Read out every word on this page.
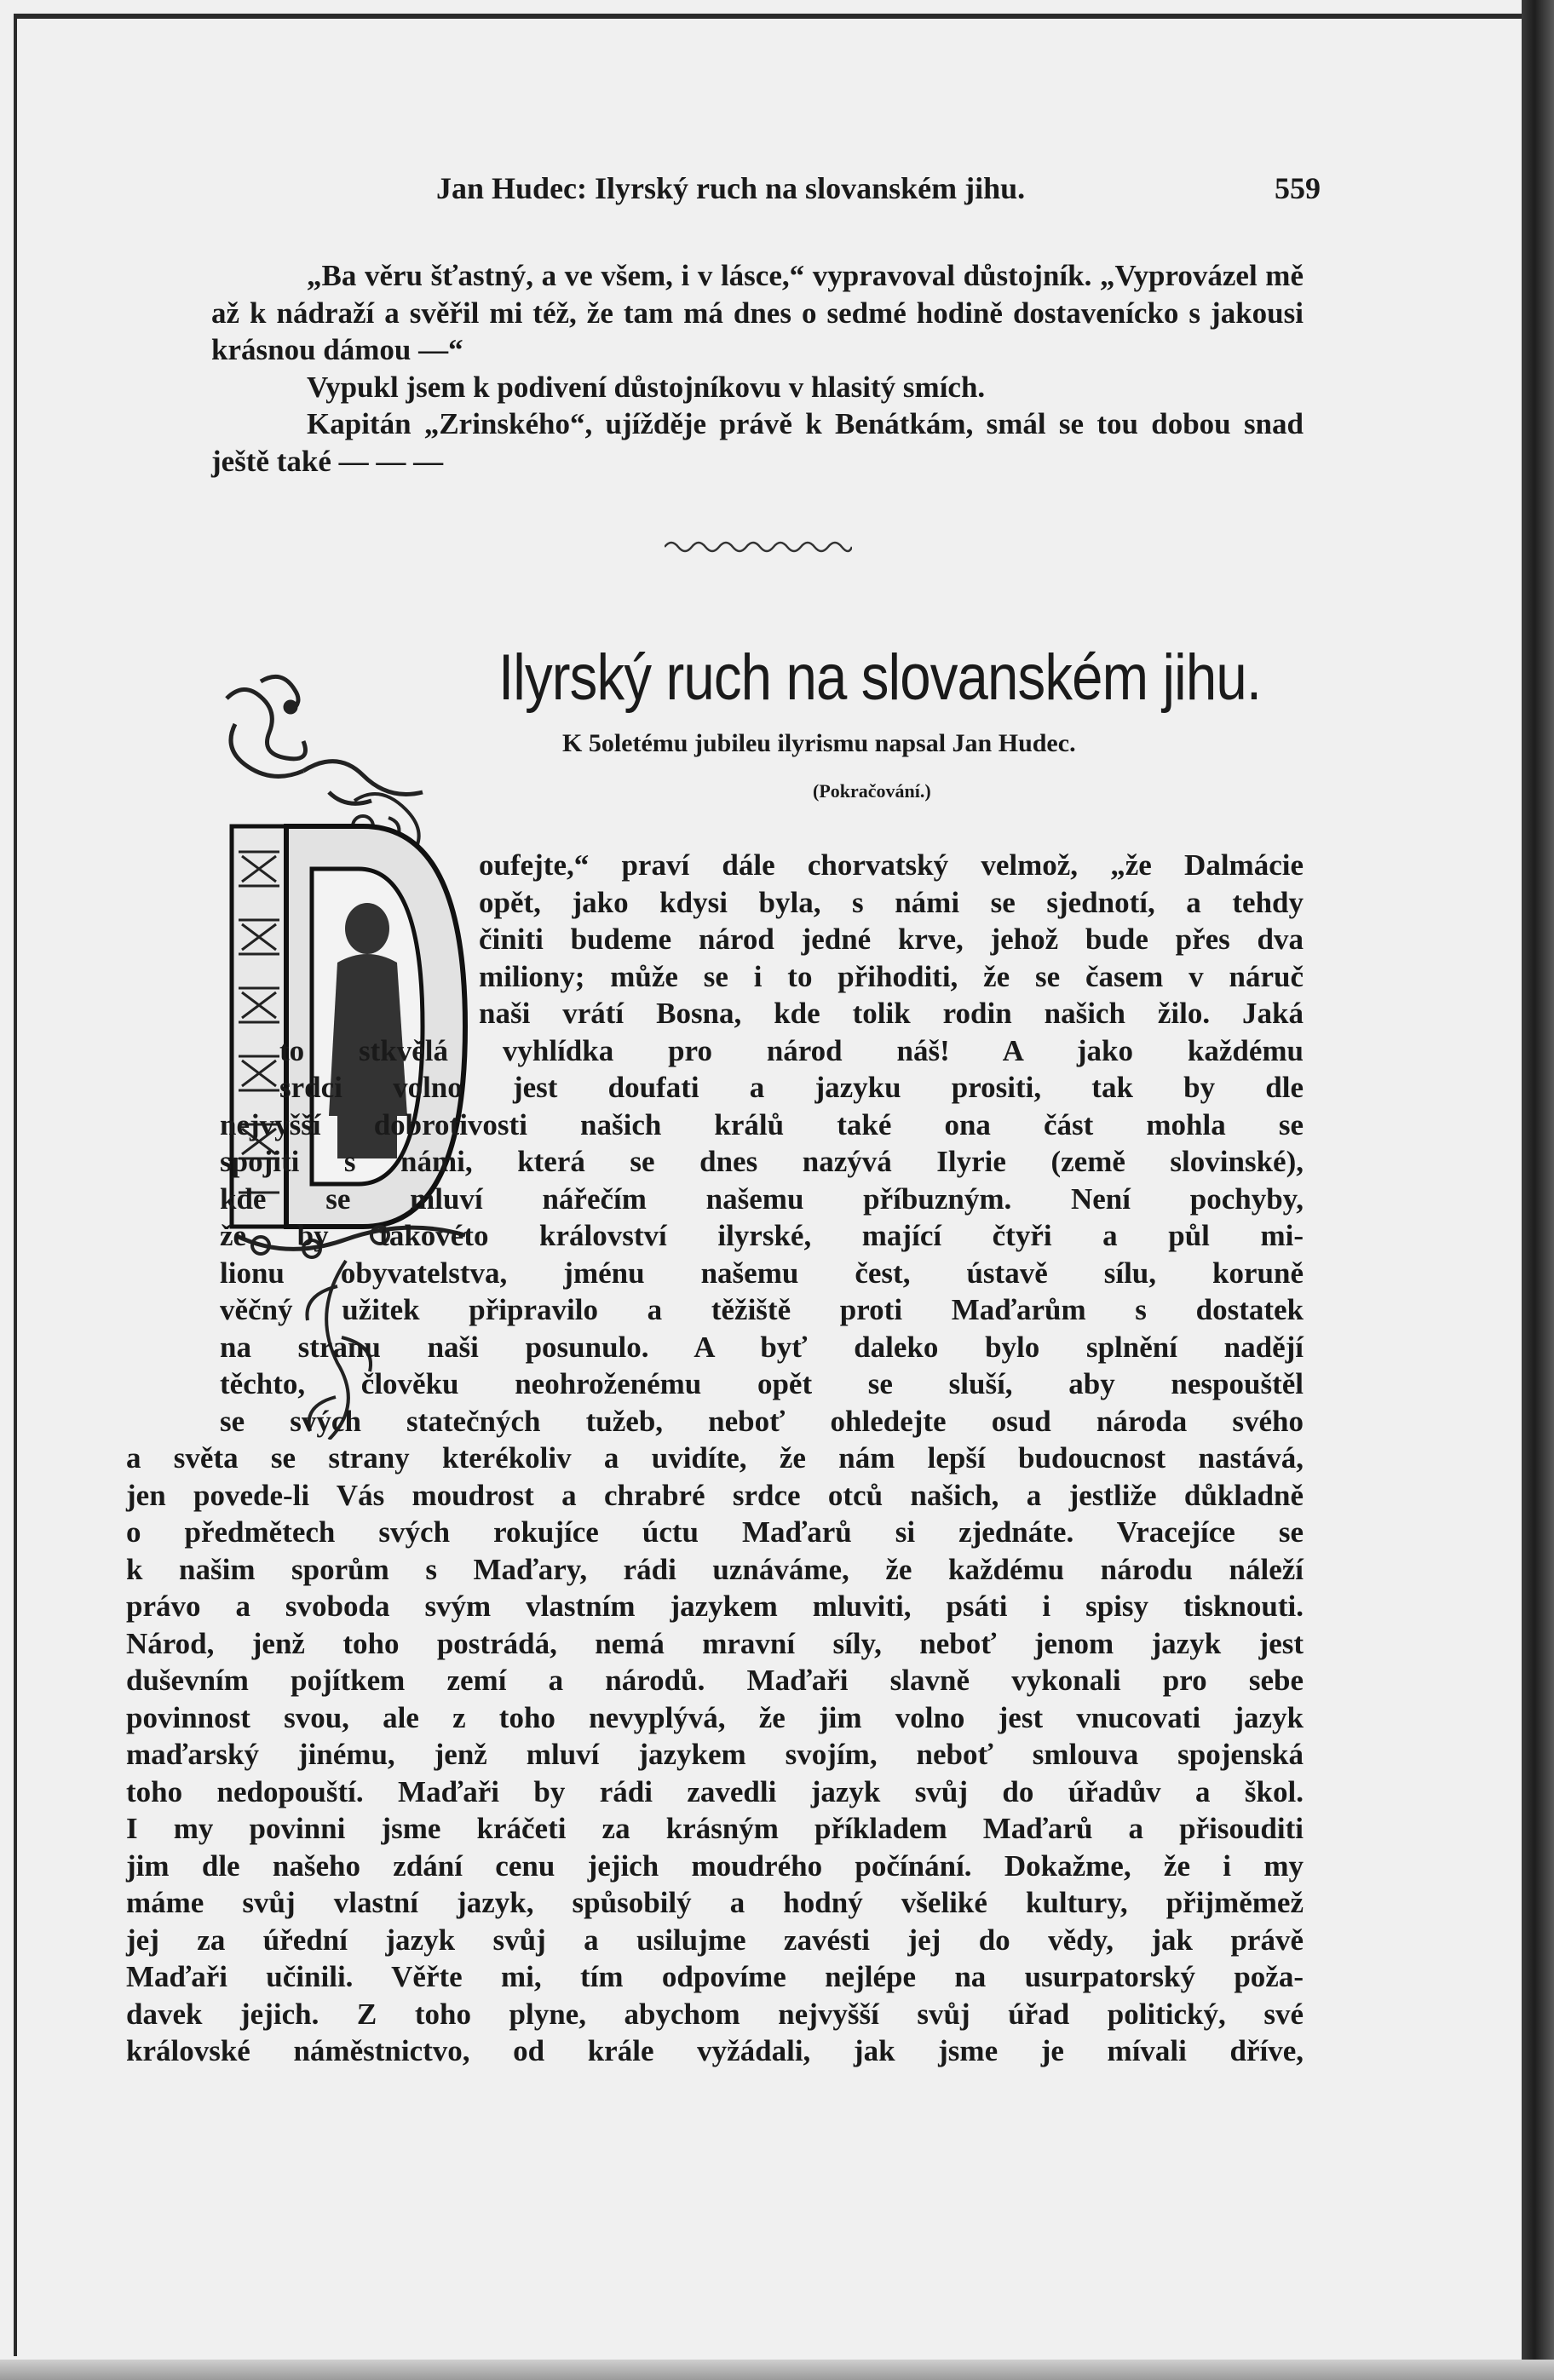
Jan Hudec: Ilyrský ruch na slovanském jihu.	559

„Ba věru šťastný, a ve všem, i v lásce,“ vypravoval důstojník. „Vyprovázel mě až k nádraží a svěřil mi též, že tam má dnes o sedmé hodině dostavenícko s jakousi krásnou dámou —“

Vypukl jsem k podivení důstojníkovu v hlasitý smích.

Kapitán „Zrinského“, ujížděje právě k Benátkám, smál se tou dobou snad ještě také — — —

Ilyrský ruch na slovanském jihu.
K 5oletému jubileu ilyrismu napsal Jan Hudec.
(Pokračování.)
oufejte,“ praví dále chorvatský velmož, „že Dalmácie
opět, jako kdysi byla, s námi se sjednotí, a tehdy
činiti budeme národ jedné krve, jehož bude přes dva
miliony; může se i to přihoditi, že se časem v náruč
naši vrátí Bosna, kde tolik rodin našich žilo. Jaká
to stkvělá vyhlídka pro národ náš! A jako každému
srdci volno jest doufati a jazyku prositi, tak by dle
nejvyšší dobrotivosti našich králů také ona část mohla se
spojiti s námi, která se dnes nazývá Ilyrie (země slovinské),
kde se mluví nářečím našemu příbuzným. Není pochyby,
že by takovéto království ilyrské, mající čtyři a půl mi-
lionu obyvatelstva, jménu našemu čest, ústavě sílu, koruně
věčný užitek připravilo a těžiště proti Maďarům s dostatek
na stranu naši posunulo. A byť daleko bylo splnění nadějí
těchto, člověku neohroženému opět se sluší, aby nespouštěl
se svých statečných tužeb, neboť ohledejte osud národa svého
a světa se strany kterékoliv a uvidíte, že nám lepší budoucnost nastává,
jen povede-li Vás moudrost a chrabré srdce otců našich, a jestliže důkladně
o předmětech svých rokujíce úctu Maďarů si zjednáte. Vracejíce se
k našim sporům s Maďary, rádi uznáváme, že každému národu náleží
právo a svoboda svým vlastním jazykem mluviti, psáti i spisy tisknouti.
Národ, jenž toho postrádá, nemá mravní síly, neboť jenom jazyk jest
duševním pojítkem zemí a národů. Maďaři slavně vykonali pro sebe
povinnost svou, ale z toho nevyplývá, že jim volno jest vnucovati jazyk
maďarský jinému, jenž mluví jazykem svojím, neboť smlouva spojenská
toho nedopouští. Maďaři by rádi zavedli jazyk svůj do úřadův a škol.
I my povinni jsme kráčeti za krásným příkladem Maďarů a přisouditi
jim dle našeho zdání cenu jejich moudrého počínání. Dokažme, že i my
máme svůj vlastní jazyk, spůsobilý a hodný všeliké kultury, přijměmež
jej za úřední jazyk svůj a usilujme zavésti jej do vědy, jak právě
Maďaři učinili. Věřte mi, tím odpovíme nejlépe na usurpatorský poža-
davek jejich. Z toho plyne, abychom nejvyšší svůj úřad politický, své
královské náměstnictvo, od krále vyžádali, jak jsme je mívali dříve,
